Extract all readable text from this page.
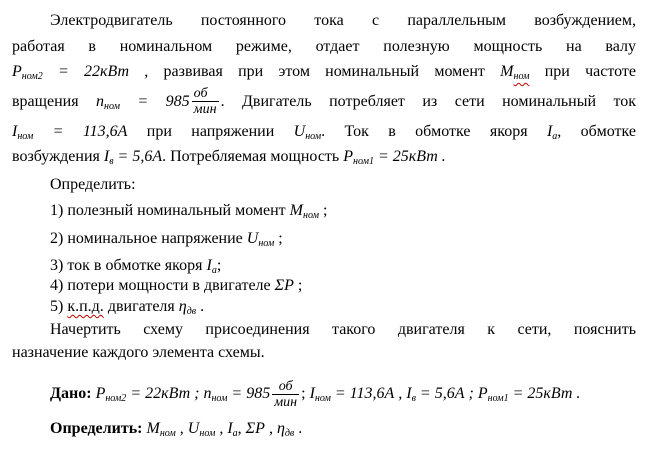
Электродвигатель постоянного тока с параллельным возбуждением,
работая в номинальном режиме, отдает полезную мощность на валу
$P_{ном2} = 22кВт$ , развивая при этом номинальный момент $M_{ном}$ при частоте
вращения $n_{ном} = 985 \frac{об}{\text{мин}}$ . Двигатель потребляет из сети номинальный ток
$I_{ном} = 113,6А$ при напряжении $U_{ном}$. Ток в обмотке якоря $I_а$, обмотке
возбуждения $I_в = 5,6А$. Потребляемая мощность $P_{ном1} = 25кВт$ .
Определить:
1) полезный номинальный момент $M_{ном}$ ;
2) номинальное напряжение $U_{ном}$ ;
3) ток в обмотке якоря $I_а$;
4) потери мощности в двигателе ΣP ;
5) к.п.д. двигателя $\eta_{дв}$ .
Начертить схему присоединения такого двигателя к сети, пояснить
назначение каждого элемента схемы.
Дано: $P_{ном2} = 22кВт$ ; $n_{ном} = 985 \frac{об}{\text{мин}}$ ; $I_{ном} = 113,6А$ , $I_в = 5,6А$ ; $P_{ном1} = 25кВт$ .
Определить: $M_{ном}$ , $U_{ном}$ , $I_а$, ΣP , $\eta_{дв}$ .
